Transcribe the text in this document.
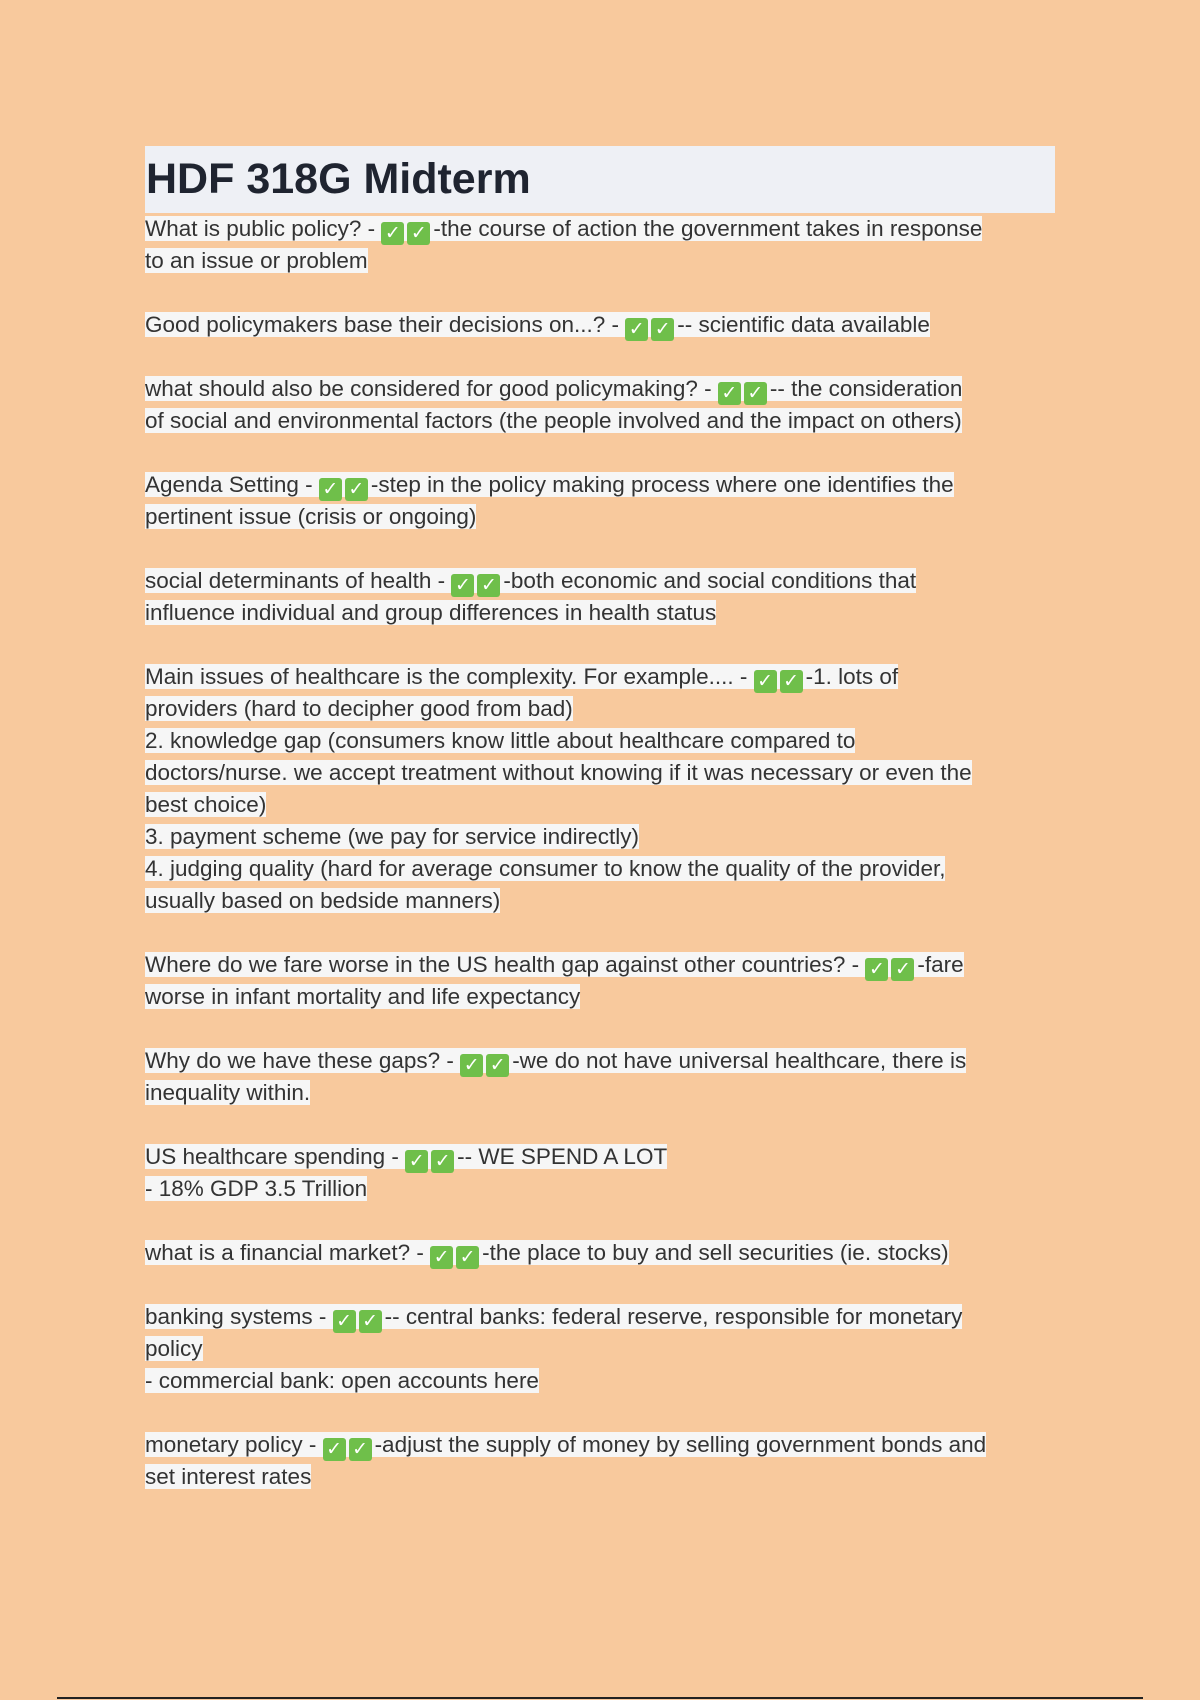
HDF 318G Midterm
What is public policy? - ✓ ✓ -the course of action the government takes in response
to an issue or problem
Good policymakers base their decisions on...? - ✓ ✓ -- scientific data available
what should also be considered for good policymaking? - ✓ ✓ -- the consideration
of social and environmental factors (the people involved and the impact on others)
Agenda Setting - ✓ ✓ -step in the policy making process where one identifies the
pertinent issue (crisis or ongoing)
social determinants of health - ✓ ✓ -both economic and social conditions that
influence individual and group differences in health status
Main issues of healthcare is the complexity. For example.... - ✓ ✓ -1. lots of
providers (hard to decipher good from bad)
2. knowledge gap (consumers know little about healthcare compared to
doctors/nurse. we accept treatment without knowing if it was necessary or even the
best choice)
3. payment scheme (we pay for service indirectly)
4. judging quality (hard for average consumer to know the quality of the provider,
usually based on bedside manners)
Where do we fare worse in the US health gap against other countries? - ✓ ✓ -fare
worse in infant mortality and life expectancy
Why do we have these gaps? - ✓ ✓ -we do not have universal healthcare, there is
inequality within.
US healthcare spending - ✓ ✓ -- WE SPEND A LOT
- 18% GDP 3.5 Trillion
what is a financial market? - ✓ ✓ -the place to buy and sell securities (ie. stocks)
banking systems - ✓ ✓ -- central banks: federal reserve, responsible for monetary
policy
- commercial bank: open accounts here
monetary policy - ✓ ✓ -adjust the supply of money by selling government bonds and
set interest rates
